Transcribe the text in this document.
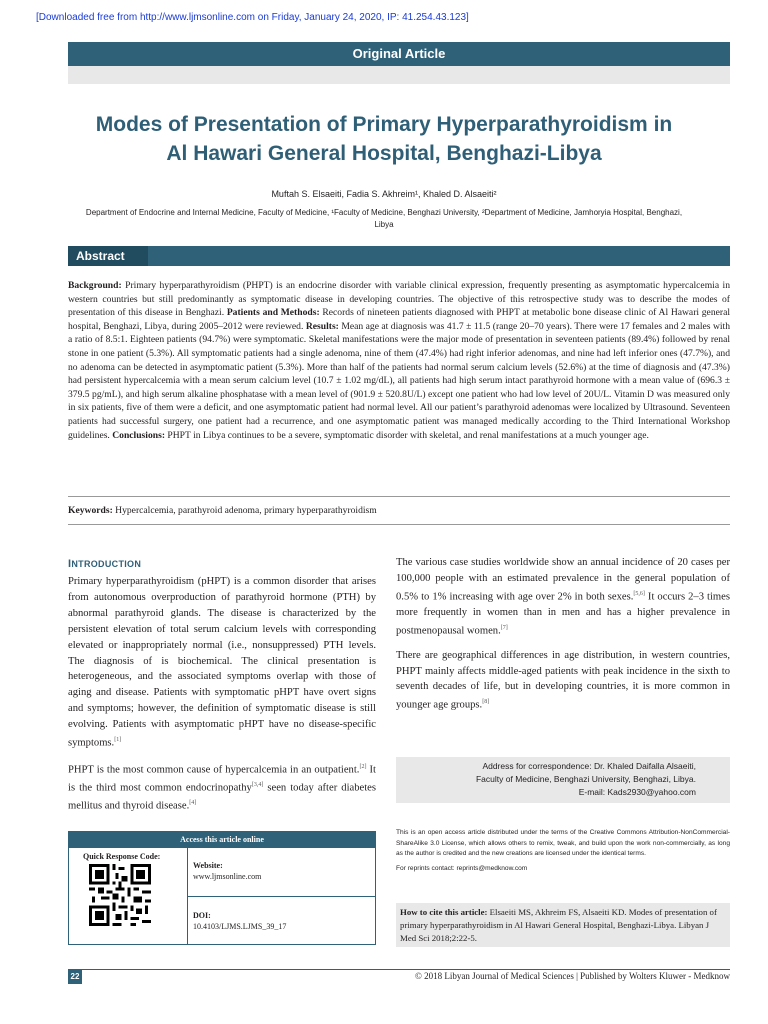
[Downloaded free from http://www.ljmsonline.com on Friday, January 24, 2020, IP: 41.254.43.123]
Original Article
Modes of Presentation of Primary Hyperparathyroidism in
Al Hawari General Hospital, Benghazi-Libya
Muftah S. Elsaeiti, Fadia S. Akhreim¹, Khaled D. Alsaeiti²
Department of Endocrine and Internal Medicine, Faculty of Medicine, ¹Faculty of Medicine, Benghazi University, ²Department of Medicine, Jamhoryia Hospital, Benghazi, Libya
Abstract
Background: Primary hyperparathyroidism (PHPT) is an endocrine disorder with variable clinical expression, frequently presenting as asymptomatic hypercalcemia in western countries but still predominantly as symptomatic disease in developing countries. The objective of this retrospective study was to describe the modes of presentation of this disease in Benghazi. Patients and Methods: Records of nineteen patients diagnosed with PHPT at metabolic bone disease clinic of Al Hawari general hospital, Benghazi, Libya, during 2005–2012 were reviewed. Results: Mean age at diagnosis was 41.7 ± 11.5 (range 20–70 years). There were 17 females and 2 males with a ratio of 8.5:1. Eighteen patients (94.7%) were symptomatic. Skeletal manifestations were the major mode of presentation in seventeen patients (89.4%) followed by renal stone in one patient (5.3%). All symptomatic patients had a single adenoma, nine of them (47.4%) had right inferior adenomas, and nine had left inferior ones (47.7%), and no adenoma can be detected in asymptomatic patient (5.3%). More than half of the patients had normal serum calcium levels (52.6%) at the time of diagnosis and (47.3%) had persistent hypercalcemia with a mean serum calcium level (10.7 ± 1.02 mg/dL), all patients had high serum intact parathyroid hormone with a mean value of (696.3 ± 379.5 pg/mL), and high serum alkaline phosphatase with a mean level of (901.9 ± 520.8U/L) except one patient who had low level of 20U/L. Vitamin D was measured only in six patients, five of them were a deficit, and one asymptomatic patient had normal level. All our patient’s parathyroid adenomas were localized by Ultrasound. Seventeen patients had successful surgery, one patient had a recurrence, and one asymptomatic patient was managed medically according to the Third International Workshop guidelines. Conclusions: PHPT in Libya continues to be a severe, symptomatic disorder with skeletal, and renal manifestations at a much younger age.
Keywords: Hypercalcemia, parathyroid adenoma, primary hyperparathyroidism
INTRODUCTION

Primary hyperparathyroidism (pHPT) is a common disorder that arises from autonomous overproduction of parathyroid hormone (PTH) by abnormal parathyroid glands. The disease is characterized by the persistent elevation of total serum calcium levels with corresponding elevated or inappropriately normal (i.e., nonsuppressed) PTH levels. The diagnosis of is biochemical. The clinical presentation is heterogeneous, and the associated symptoms overlap with those of aging and disease. Patients with symptomatic pHPT have overt signs and symptoms; however, the definition of symptomatic disease is still evolving. Patients with asymptomatic pHPT have no disease-specific symptoms.[1]

PHPT is the most common cause of hypercalcemia in an outpatient.[2] It is the third most common endocrinopathy[3,4] seen today after diabetes mellitus and thyroid disease.[4]

The various case studies worldwide show an annual incidence of 20 cases per 100,000 people with an estimated prevalence in the general population of 0.5% to 1% increasing with age over 2% in both sexes.[5,6] It occurs 2–3 times more frequently in women than in men and has a higher prevalence in postmenopausal women.[7]

There are geographical differences in age distribution, in western countries, PHPT mainly affects middle-aged patients with peak incidence in the sixth to seventh decades of life, but in developing countries, it is more common in younger age groups.[8]

Address for correspondence: Dr. Khaled Daifalla Alsaeiti,
Faculty of Medicine, Benghazi University, Benghazi, Libya.
E-mail: Kads2930@yahoo.com
This is an open access article distributed under the terms of the Creative Commons Attribution-NonCommercial-ShareAlike 3.0 License, which allows others to remix, tweak, and build upon the work non-commercially, as long as the author is credited and the new creations are licensed under the identical terms.
For reprints contact: reprints@medknow.com
How to cite this article: Elsaeiti MS, Akhreim FS, Alsaeiti KD. Modes of presentation of primary hyperparathyroidism in Al Hawari General Hospital, Benghazi-Libya. Libyan J Med Sci 2018;2:22-5.
Access this article online
Quick Response Code:
Website:
www.ljmsonline.com
DOI:
10.4103/LJMS.LJMS_39_17
22	© 2018 Libyan Journal of Medical Sciences | Published by Wolters Kluwer - Medknow
